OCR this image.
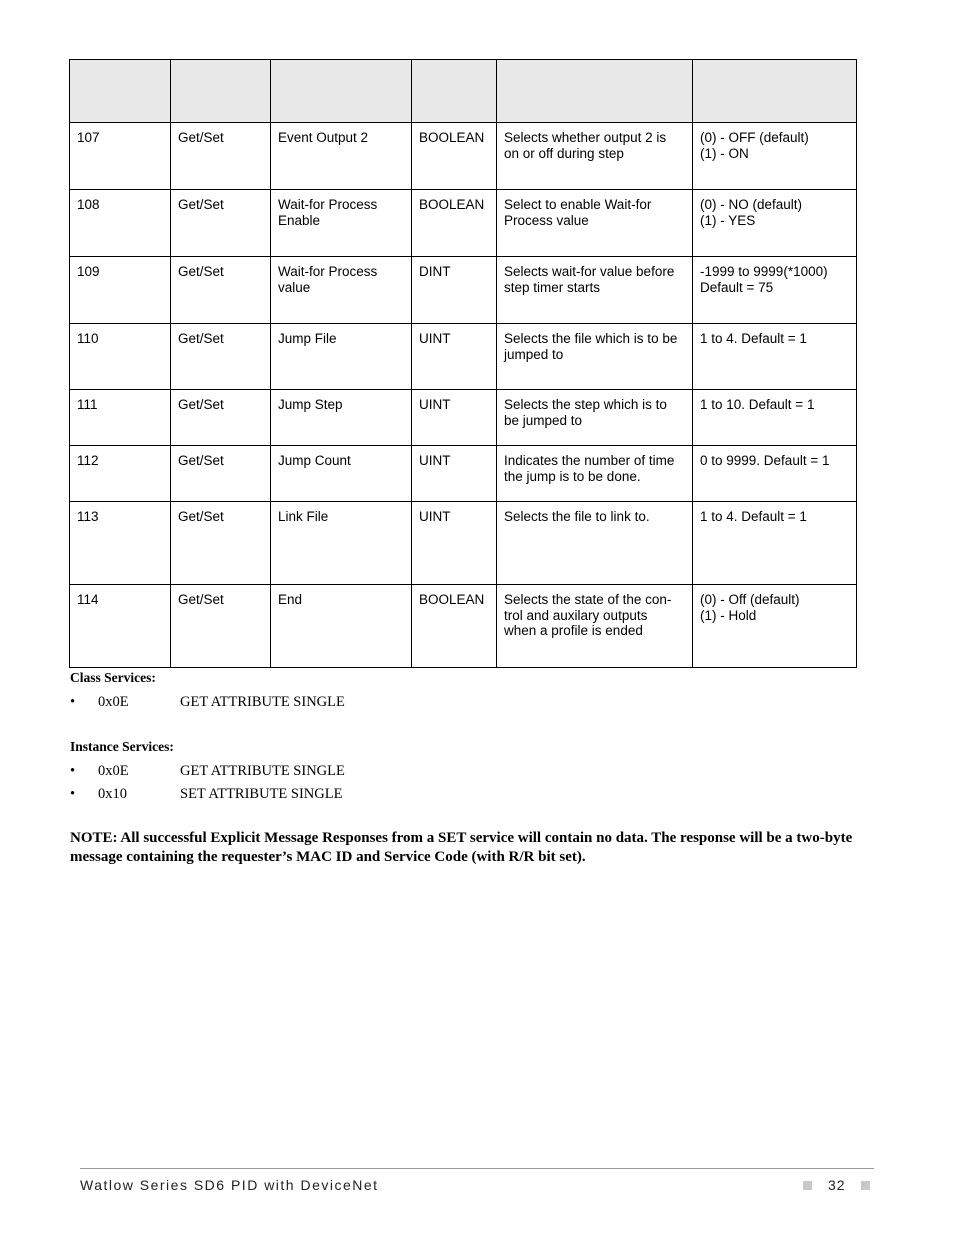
107	Get/Set	Event Output 2	BOOLEAN	Selects whether output 2 is
on or off during step	(0) - OFF (default)
(1) - ON

108	Get/Set	Wait-for Process
Enable	BOOLEAN	Select to enable Wait-for
Process value	(0) - NO (default)
(1) - YES

109	Get/Set	Wait-for Process
value	DINT	Selects wait-for value before
step timer starts	-1999 to 9999(*1000)
Default = 75

110	Get/Set	Jump File	UINT	Selects the file which is to be
jumped to	1 to 4. Default = 1

111	Get/Set	Jump Step	UINT	Selects the step which is to
be jumped to	1 to 10. Default = 1

112	Get/Set	Jump Count	UINT	Indicates the number of time
the jump is to be done.	0 to 9999. Default = 1

113	Get/Set	Link File	UINT	Selects the file to link to.	1 to 4. Default = 1

114	Get/Set	End	BOOLEAN	Selects the state of the con-
trol and auxilary outputs
when a profile is ended	(0) - Off (default)
(1) - Hold
Class Services:
• 0x0E	GET ATTRIBUTE SINGLE
Instance Services:
• 0x0E	GET ATTRIBUTE SINGLE
• 0x10	SET ATTRIBUTE SINGLE
NOTE: All successful Explicit Message Responses from a SET service will contain no data. The response will be a two-byte message containing the requester’s MAC ID and Service Code (with R/R bit set).
Watlow Series SD6 PID with DeviceNet	32
